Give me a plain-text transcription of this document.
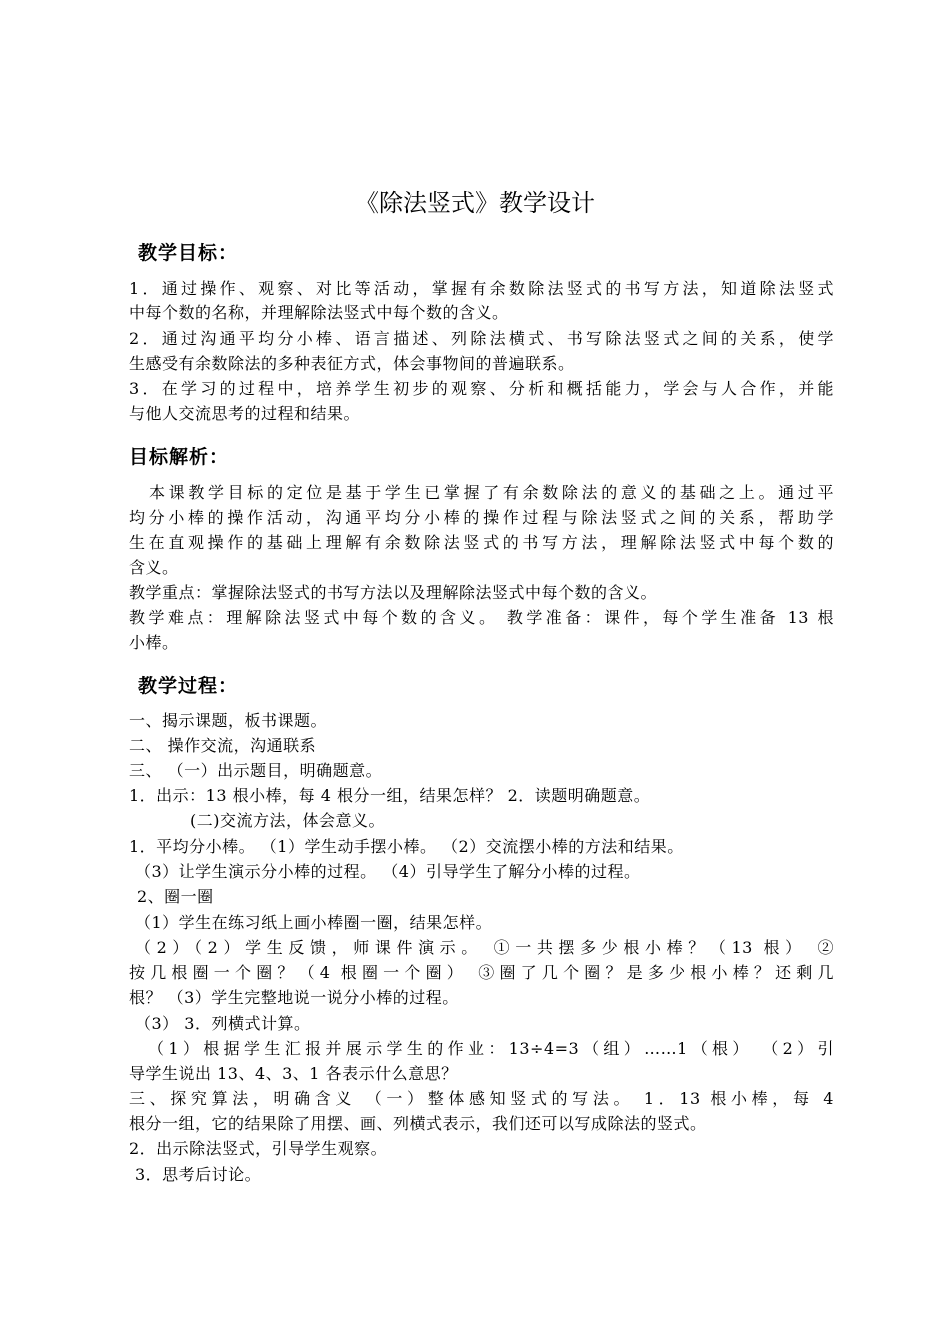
《除法竖式》教学设计
教学目标：
1．通过操作、观察、对比等活动，掌握有余数除法竖式的书写方法，知道除法竖式
中每个数的名称，并理解除法竖式中每个数的含义。
2．通过沟通平均分小棒、语言描述、列除法横式、书写除法竖式之间的关系，使学
生感受有余数除法的多种表征方式，体会事物间的普遍联系。
3．在学习的过程中，培养学生初步的观察、分析和概括能力，学会与人合作，并能
与他人交流思考的过程和结果。
目标解析：
本课教学目标的定位是基于学生已掌握了有余数除法的意义的基础之上。通过平
均分小棒的操作活动，沟通平均分小棒的操作过程与除法竖式之间的关系，帮助学
生在直观操作的基础上理解有余数除法竖式的书写方法，理解除法竖式中每个数的
含义。
教学重点：掌握除法竖式的书写方法以及理解除法竖式中每个数的含义。
教学难点：理解除法竖式中每个数的含义。 教学准备：课件，每个学生准备 13 根
小棒。
教学过程：
一、揭示课题，板书课题。
二、 操作交流，沟通联系
三、 （一）出示题目，明确题意。
1．出示：13 根小棒，每 4 根分一组，结果怎样？ 2．读题明确题意。
(二)交流方法，体会意义。
1．平均分小棒。 （1）学生动手摆小棒。 （2）交流摆小棒的方法和结果。
（3）让学生演示分小棒的过程。 （4）引导学生了解分小棒的过程。
2、圈一圈
（1）学生在练习纸上画小棒圈一圈，结果怎样。
（2）（2）学生反馈，师课件演示。 ①一共摆多少根小棒？（13 根） ②
按几根圈一个圈？（4 根圈一个圈） ③圈了几个圈？是多少根小棒？还剩几
根？ （3）学生完整地说一说分小棒的过程。
（3） 3．列横式计算。
（1）根据学生汇报并展示学生的作业：13÷4=3（组）……1（根） （2）引
导学生说出 13、4、3、1 各表示什么意思？
三、探究算法，明确含义 （一）整体感知竖式的写法。 1．13 根小棒，每 4
根分一组，它的结果除了用摆、画、列横式表示，我们还可以写成除法的竖式。
2．出示除法竖式，引导学生观察。
3．思考后讨论。
